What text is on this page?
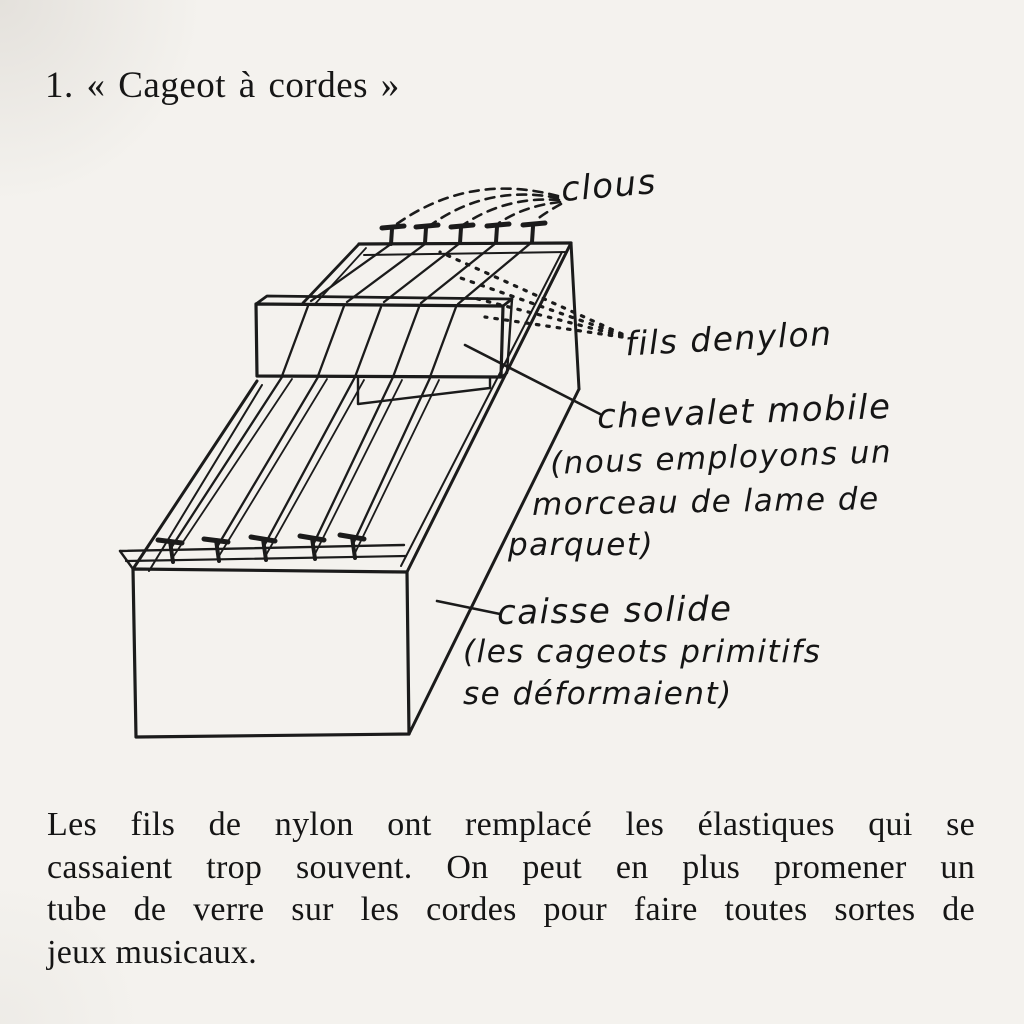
1. « Cageot à cordes »
clous
fils denylon
chevalet mobile
(nous employons un
morceau de lame de
parquet)
caisse solide
(les cageots primitifs
se déformaient)
Les fils de nylon ont remplacé les élastiques qui se
cassaient trop souvent. On peut en plus promener un
tube de verre sur les cordes pour faire toutes sortes de
jeux musicaux.
